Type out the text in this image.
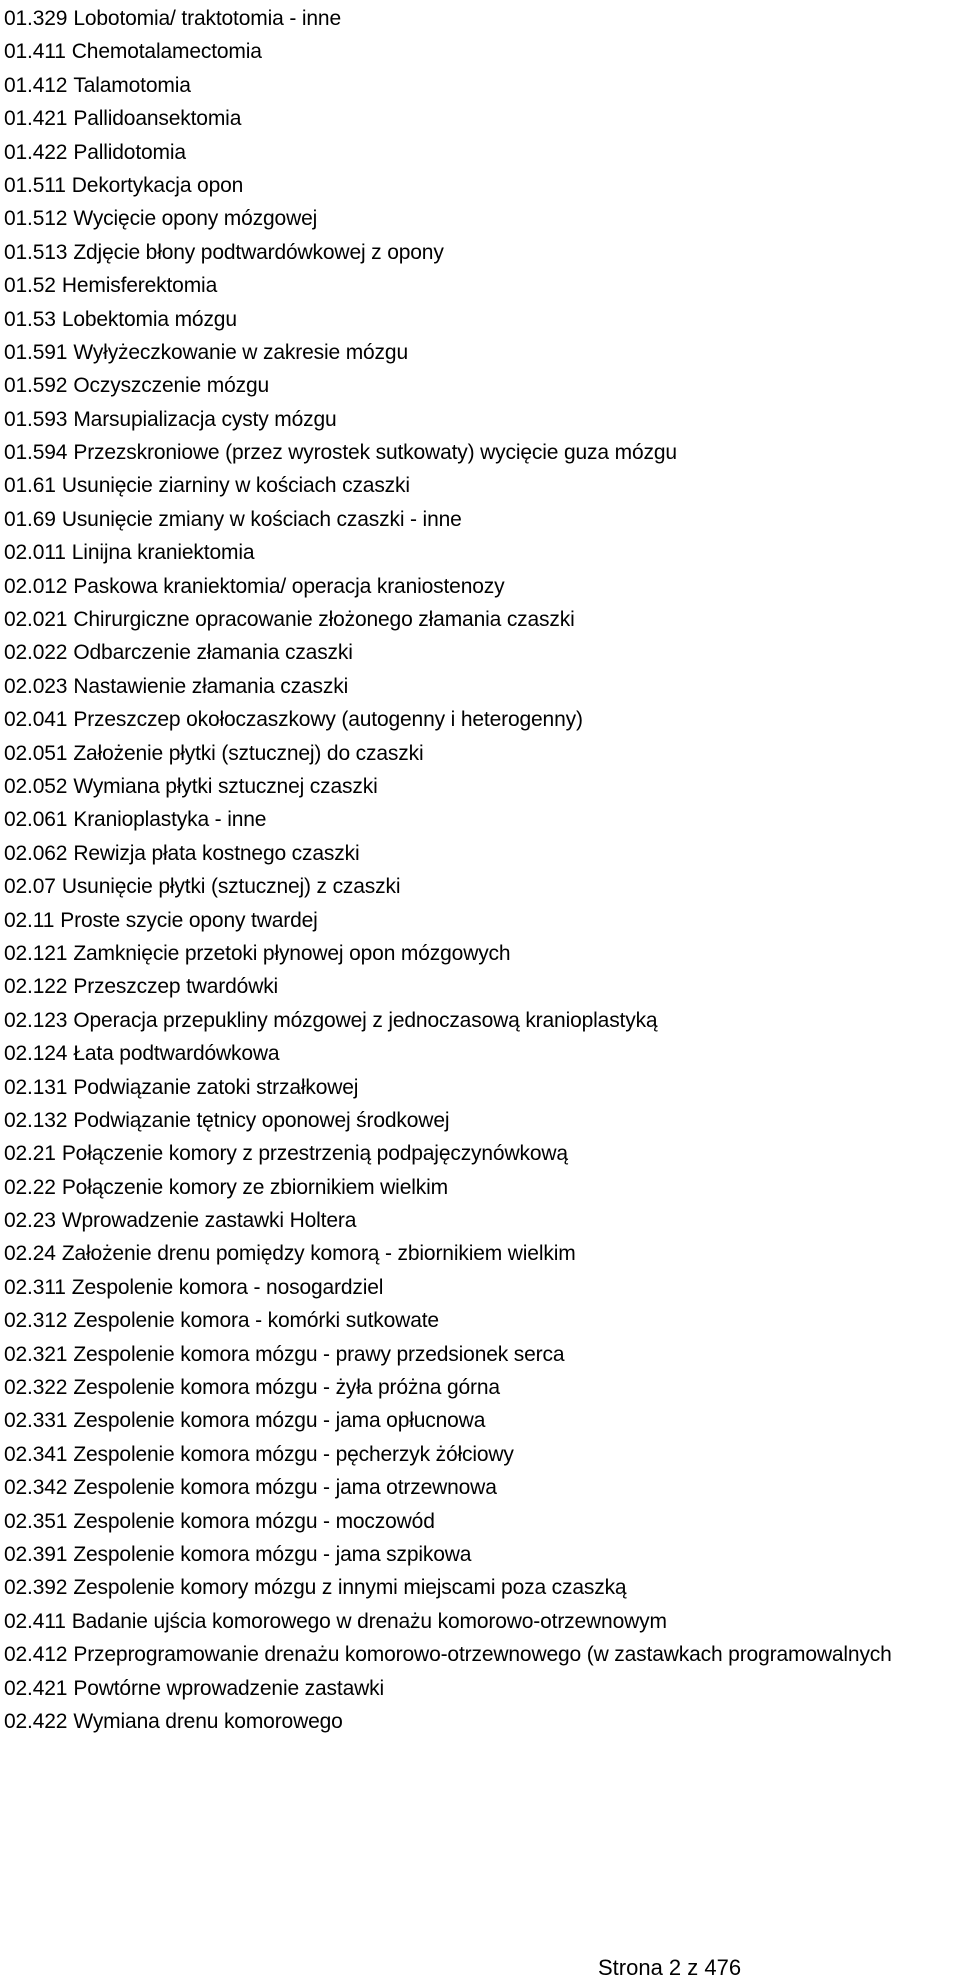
01.329 Lobotomia/ traktotomia - inne
01.411 Chemotalamectomia
01.412 Talamotomia
01.421 Pallidoansektomia
01.422 Pallidotomia
01.511 Dekortykacja opon
01.512 Wycięcie opony mózgowej
01.513 Zdjęcie błony podtwardówkowej z opony
01.52 Hemisferektomia
01.53 Lobektomia mózgu
01.591 Wyłyżeczkowanie w zakresie mózgu
01.592 Oczyszczenie mózgu
01.593 Marsupializacja cysty mózgu
01.594 Przezskroniowe (przez wyrostek sutkowaty) wycięcie guza mózgu
01.61 Usunięcie ziarniny w kościach czaszki
01.69 Usunięcie zmiany w kościach czaszki - inne
02.011 Linijna kraniektomia
02.012 Paskowa kraniektomia/ operacja kraniostenozy
02.021 Chirurgiczne opracowanie złożonego złamania czaszki
02.022 Odbarczenie złamania czaszki
02.023 Nastawienie złamania czaszki
02.041 Przeszczep okołoczaszkowy (autogenny i heterogenny)
02.051 Założenie płytki (sztucznej) do czaszki
02.052 Wymiana płytki sztucznej czaszki
02.061 Kranioplastyka - inne
02.062 Rewizja płata kostnego czaszki
02.07 Usunięcie płytki (sztucznej) z czaszki
02.11 Proste szycie opony twardej
02.121 Zamknięcie przetoki płynowej opon mózgowych
02.122 Przeszczep twardówki
02.123 Operacja przepukliny mózgowej z jednoczasową kranioplastyką
02.124 Łata podtwardówkowa
02.131 Podwiązanie zatoki strzałkowej
02.132 Podwiązanie tętnicy oponowej środkowej
02.21 Połączenie komory z przestrzenią podpajęczynówkową
02.22 Połączenie komory ze zbiornikiem wielkim
02.23 Wprowadzenie zastawki Holtera
02.24 Założenie drenu pomiędzy komorą - zbiornikiem wielkim
02.311 Zespolenie komora - nosogardziel
02.312 Zespolenie komora - komórki sutkowate
02.321 Zespolenie komora mózgu - prawy przedsionek serca
02.322 Zespolenie komora mózgu - żyła próżna górna
02.331 Zespolenie komora mózgu - jama opłucnowa
02.341 Zespolenie komora mózgu - pęcherzyk żółciowy
02.342 Zespolenie komora mózgu - jama otrzewnowa
02.351 Zespolenie komora mózgu - moczowód
02.391 Zespolenie komora mózgu - jama szpikowa
02.392 Zespolenie komory mózgu z innymi miejscami poza czaszką
02.411 Badanie ujścia komorowego w drenażu komorowo-otrzewnowym
02.412 Przeprogramowanie drenażu komorowo-otrzewnowego (w zastawkach programowalnych
02.421 Powtórne wprowadzenie zastawki
02.422 Wymiana drenu komorowego
Strona 2 z 476
